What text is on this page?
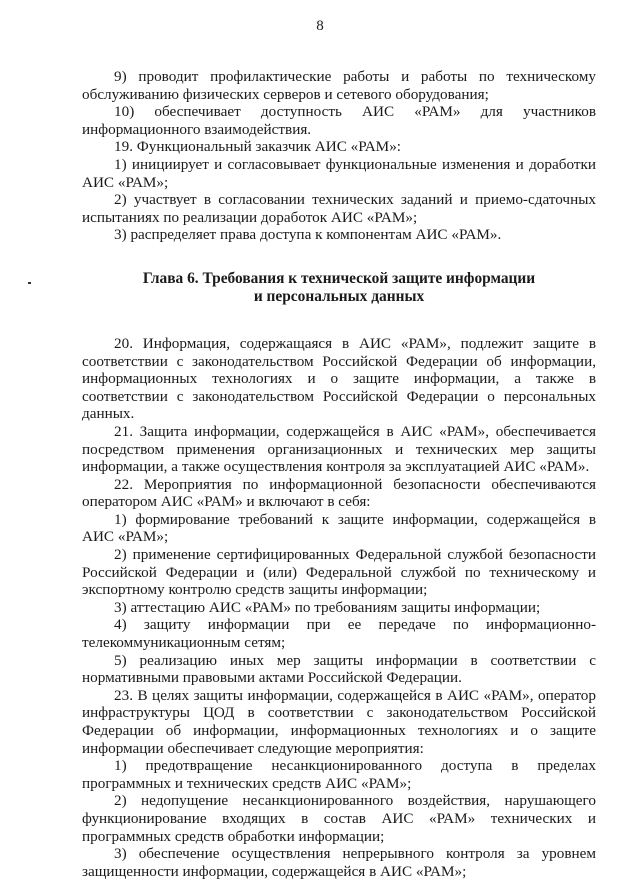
8

9) проводит профилактические работы и работы по техническому обслуживанию физических серверов и сетевого оборудования;

10) обеспечивает доступность АИС «РАМ» для участников информационного взаимодействия.

19. Функциональный заказчик АИС «РАМ»:

1) инициирует и согласовывает функциональные изменения и доработки АИС «РАМ»;

2) участвует в согласовании технических заданий и приемо-сдаточных испытаниях по реализации доработок АИС «РАМ»;

3) распределяет права доступа к компонентам АИС «РАМ».

Глава 6. Требования к технической защите информации
и персональных данных

20. Информация, содержащаяся в АИС «РАМ», подлежит защите в соответствии с законодательством Российской Федерации об информации, информационных технологиях и о защите информации, а также в соответствии с законодательством Российской Федерации о персональных данных.

21. Защита информации, содержащейся в АИС «РАМ», обеспечивается посредством применения организационных и технических мер защиты информации, а также осуществления контроля за эксплуатацией АИС «РАМ».

22. Мероприятия по информационной безопасности обеспечиваются оператором АИС «РАМ» и включают в себя:

1) формирование требований к защите информации, содержащейся в АИС «РАМ»;

2) применение сертифицированных Федеральной службой безопасности Российской Федерации и (или) Федеральной службой по техническому и экспортному контролю средств защиты информации;

3) аттестацию АИС «РАМ» по требованиям защиты информации;

4) защиту информации при ее передаче по информационно-телекоммуникационным сетям;

5) реализацию иных мер защиты информации в соответствии с нормативными правовыми актами Российской Федерации.

23. В целях защиты информации, содержащейся в АИС «РАМ», оператор инфраструктуры ЦОД в соответствии с законодательством Российской Федерации об информации, информационных технологиях и о защите информации обеспечивает следующие мероприятия:

1) предотвращение несанкционированного доступа в пределах программных и технических средств АИС «РАМ»;

2) недопущение несанкционированного воздействия, нарушающего функционирование входящих в состав АИС «РАМ» технических и программных средств обработки информации;

3) обеспечение осуществления непрерывного контроля за уровнем защищенности информации, содержащейся в АИС «РАМ»;
